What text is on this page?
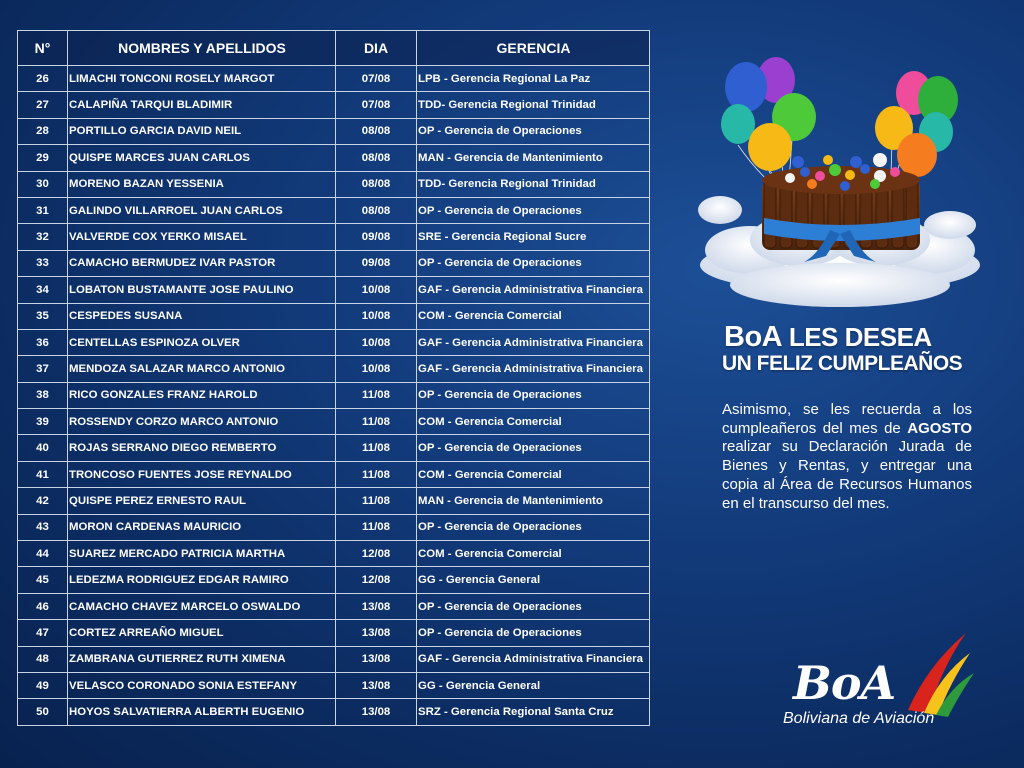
N°	NOMBRES Y APELLIDOS	DIA	GERENCIA
26	LIMACHI TONCONI ROSELY MARGOT	07/08	LPB - Gerencia Regional La Paz
27	CALAPIÑA TARQUI BLADIMIR	07/08	TDD- Gerencia Regional Trinidad
28	PORTILLO GARCIA DAVID NEIL	08/08	OP - Gerencia de Operaciones
29	QUISPE MARCES JUAN CARLOS	08/08	MAN - Gerencia de Mantenimiento
30	MORENO BAZAN YESSENIA	08/08	TDD- Gerencia Regional Trinidad
31	GALINDO VILLARROEL JUAN CARLOS	08/08	OP - Gerencia de Operaciones
32	VALVERDE COX YERKO MISAEL	09/08	SRE - Gerencia Regional Sucre
33	CAMACHO BERMUDEZ IVAR PASTOR	09/08	OP - Gerencia de Operaciones
34	LOBATON BUSTAMANTE JOSE PAULINO	10/08	GAF - Gerencia Administrativa Financiera
35	CESPEDES SUSANA	10/08	COM - Gerencia Comercial
36	CENTELLAS ESPINOZA OLVER	10/08	GAF - Gerencia Administrativa Financiera
37	MENDOZA SALAZAR MARCO ANTONIO	10/08	GAF - Gerencia Administrativa Financiera
38	RICO GONZALES FRANZ HAROLD	11/08	OP - Gerencia de Operaciones
39	ROSSENDY CORZO MARCO ANTONIO	11/08	COM - Gerencia Comercial
40	ROJAS SERRANO DIEGO REMBERTO	11/08	OP - Gerencia de Operaciones
41	TRONCOSO FUENTES JOSE REYNALDO	11/08	COM - Gerencia Comercial
42	QUISPE PEREZ ERNESTO RAUL	11/08	MAN - Gerencia de Mantenimiento
43	MORON CARDENAS MAURICIO	11/08	OP - Gerencia de Operaciones
44	SUAREZ MERCADO PATRICIA MARTHA	12/08	COM - Gerencia Comercial
45	LEDEZMA RODRIGUEZ EDGAR RAMIRO	12/08	GG - Gerencia General
46	CAMACHO CHAVEZ MARCELO OSWALDO	13/08	OP - Gerencia de Operaciones
47	CORTEZ ARREAÑO MIGUEL	13/08	OP - Gerencia de Operaciones
48	ZAMBRANA GUTIERREZ RUTH XIMENA	13/08	GAF - Gerencia Administrativa Financiera
49	VELASCO CORONADO SONIA ESTEFANY	13/08	GG - Gerencia General
50	HOYOS SALVATIERRA ALBERTH EUGENIO	13/08	SRZ - Gerencia Regional Santa Cruz
BoA LES DESEA
UN FELIZ CUMPLEAÑOS
Asimismo, se les recuerda a los cumpleañeros del mes de AGOSTO realizar su Declaración Jurada de Bienes y Rentas, y entregar una copia al Área de Recursos Humanos en el transcurso del mes.
BoA
Boliviana de Aviación
